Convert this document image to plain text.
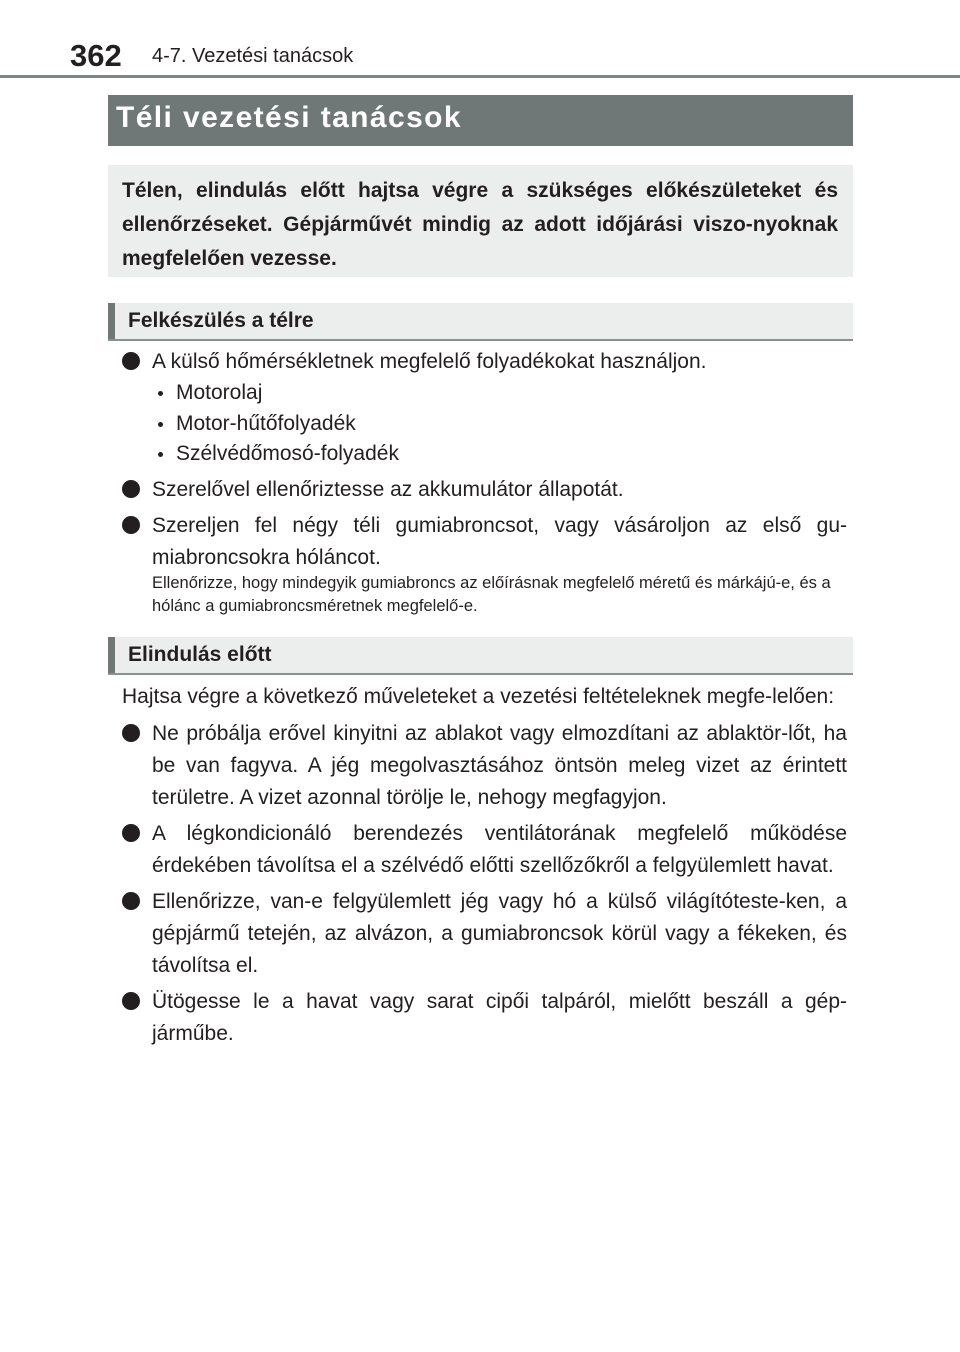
362 4-7. Vezetési tanácsok
Téli vezetési tanácsok
Télen, elindulás előtt hajtsa végre a szükséges előkészületeket és ellenőrzéseket. Gépjárművét mindig az adott időjárási viszo-nyoknak megfelelően vezesse.
Felkészülés a télre
A külső hőmérsékletnek megfelelő folyadékokat használjon.
Motorolaj
Motor-hűtőfolyadék
Szélvédőmosó-folyadék
Szerelővel ellenőriztesse az akkumulátor állapotát.
Szereljen fel négy téli gumiabroncsot, vagy vásároljon az első gu-miabroncsokra hóláncot.
Ellenőrizze, hogy mindegyik gumiabroncs az előírásnak megfelelő méretű és márkájú-e, és a hólánc a gumiabroncsméretnek megfelelő-e.
Elindulás előtt
Hajtsa végre a következő műveleteket a vezetési feltételeknek megfe-lelően:
Ne próbálja erővel kinyitni az ablakot vagy elmozdítani az ablaktör-lőt, ha be van fagyva. A jég megolvasztásához öntsön meleg vizet az érintett területre. A vizet azonnal törölje le, nehogy megfagyjon.
A légkondicionáló berendezés ventilátorának megfelelő működése érdekében távolítsa el a szélvédő előtti szellőzőkről a felgyülemlett havat.
Ellenőrizze, van-e felgyülemlett jég vagy hó a külső világítóteste-ken, a gépjármű tetején, az alvázon, a gumiabroncsok körül vagy a fékeken, és távolítsa el.
Ütögesse le a havat vagy sarat cipői talpáról, mielőtt beszáll a gép-járműbe.
